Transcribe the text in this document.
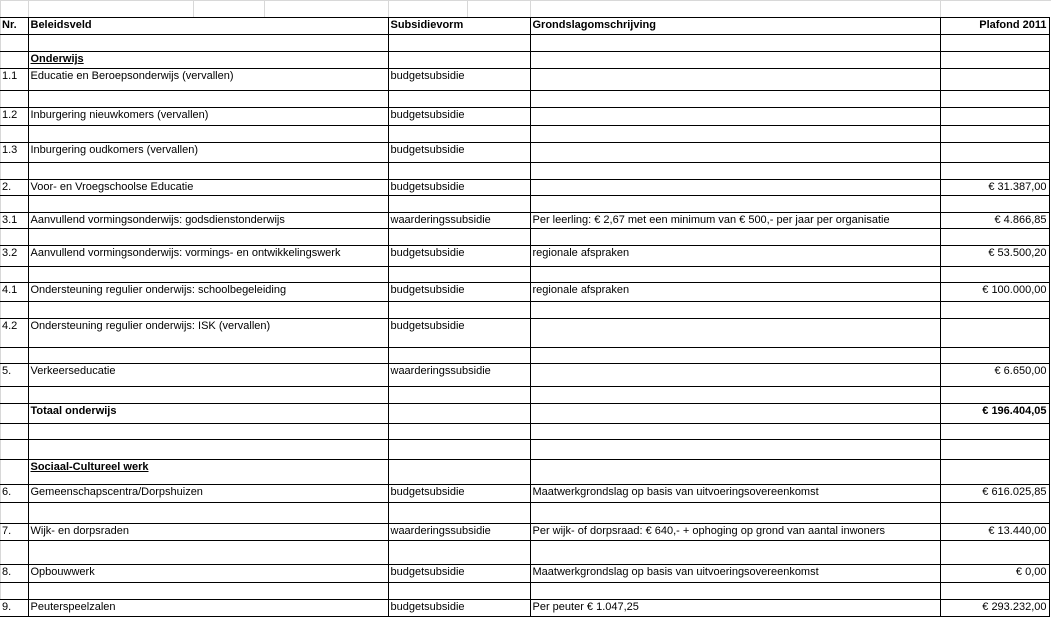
Nr.	Beleidsveld	Subsidievorm	Grondslagomschrijving	Plafond 2011

	Onderwijs			
1.1	Educatie en Beroepsonderwijs (vervallen)	budgetsubsidie		

1.2	Inburgering nieuwkomers (vervallen)	budgetsubsidie		

1.3	Inburgering oudkomers (vervallen)	budgetsubsidie		

2.	Voor- en Vroegschoolse Educatie	budgetsubsidie		€ 31.387,00

3.1	Aanvullend vormingsonderwijs: godsdienstonderwijs	waarderingssubsidie	Per leerling: € 2,67 met een minimum van € 500,- per jaar per organisatie	€ 4.866,85

3.2	Aanvullend vormingsonderwijs: vormings- en ontwikkelingswerk	budgetsubsidie	regionale afspraken	€ 53.500,20

4.1	Ondersteuning regulier onderwijs: schoolbegeleiding	budgetsubsidie	regionale afspraken	€ 100.000,00

4.2	Ondersteuning regulier onderwijs: ISK (vervallen)	budgetsubsidie		

5.	Verkeerseducatie	waarderingssubsidie		€ 6.650,00

	Totaal onderwijs			€ 196.404,05

	Sociaal-Cultureel werk			
6.	Gemeenschapscentra/Dorpshuizen	budgetsubsidie	Maatwerkgrondslag op basis van uitvoeringsovereenkomst	€ 616.025,85

7.	Wijk- en dorpsraden	waarderingssubsidie	Per wijk- of dorpsraad: € 640,- + ophoging op grond van aantal inwoners	€ 13.440,00

8.	Opbouwwerk	budgetsubsidie	Maatwerkgrondslag op basis van uitvoeringsovereenkomst	€ 0,00

9.	Peuterspeelzalen	budgetsubsidie	Per peuter € 1.047,25	€ 293.232,00
